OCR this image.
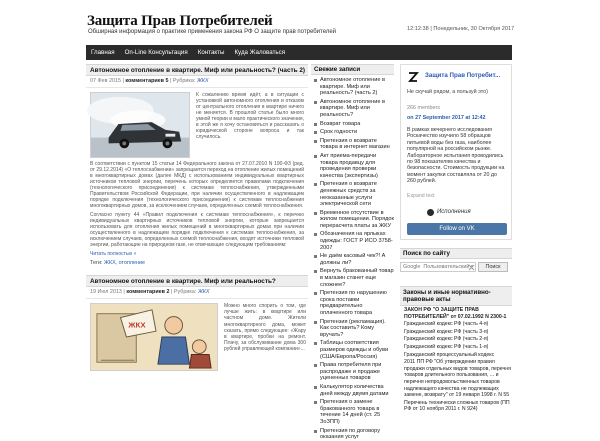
Защита Прав Потребителей
Обширная информация о практике применения закона РФ О защите прав потребителей	12:12:38 | Понедельник, 30 Октября 2017
Главная	On-Line Консультация	Контакты	Куда Жаловаться
Автономное отопление в квартире. Миф или реальность? (часть 2)
07 Фев 2015 | комментариев 5 | Рубрика: ЖКХ
К сожалению время идёт, а в ситуации с установкой автономного отопления и отказом от центрального отопления в квартире ничего не меняется. В прошлой статье было много умной теории и мало практического значения, в этой же я хочу остановиться и рассказать о юридической стороне вопроса и так случилось.
В соответствии с пунктом 15 статьи 14 Федерального закона от 27.07.2010 N 190-ФЗ (ред. от 29.12.2014) «О теплоснабжении» запрещается переход на отопление жилых помещений в многоквартирных домах (далее МКД) с использованием индивидуальных квартирных источников тепловой энергии, перечень которых определяется правилами подключения (технологического присоединения) к системам теплоснабжения, утвержденными Правительством Российской Федерации, при наличии осуществленного в надлежащем порядке подключения (технологического присоединения) к системам теплоснабжения многоквартирных домов, за исключением случаев, определенных схемой теплоснабжения.
Согласно пункту 44 «Правил подключения к системам теплоснабжения», к перечню индивидуальных квартирных источников тепловой энергии, которые запрещается использовать для отопления жилых помещений в многоквартирных домах при наличии осуществленного в надлежащем порядке подключения к системам теплоснабжения, за исключением случаев, определенных схемой теплоснабжения, входят источники тепловой энергии, работающие на природном газе, не отвечающие следующим требованиям:
Читать полностью »
Теги: ЖКХ, отопление
Автономное отопление в квартире. Миф или реальность?
19 Июл 2013 | комментариев 2 | Рубрика: ЖКХ
ЖКХ
Можно много спорить о том, где лучше жить: в квартире или частном доме. Жители многоквартирного дома, может сказать, прямо следующее: «Жару в квартире, пробки на ремонт. Плачу, за обслуживание дома 300 рублей управляющей компании»...
Свежие записи
Автономное отопление в квартире. Миф или реальность? (часть 2)
Автономное отопление в квартире. Миф или реальность?
Возврат товара
Срок годности
Претензия о возврате товара в интернет магазин
Акт приема-передачи товара продавцу для проведения проверки качества (экспертизы)
Претензия о возврате денежных средств за неоказанные услуги электрической сети
Временное отсутствие в жилом помещении. Порядок перерасчета платы за ЖКУ
Обозначения на ярлыках одежды: ГОСТ Р ИСО 3758-2007
Не даём касовый чек?! А должны ли?
Вернуть бракованный товар в магазин станет еще сложнее?
Претензия по нарушению срока поставки предварительно оплаченного товара
Претензия (рекламация). Как составить? Кому вручать?
Таблицы соответствия размеров одежды и обуви (США/Европа/Россия)
Права потребителя при распродаже и продаже уцененных товаров
Калькулятор количества дней между двумя датами
Претензия о замене бракованного товара в течение 14 дней (ст. 25 ЗоЗПП)
Претензия по договору оказания услуг
Защита Прав Потребит...
Не скучай рядом, а пользуй это)
266 members
on 27 September 2017 at 12:42
В рамках вечернего исследования Роскачество изучило 58 образцов питьевой воды без газа, наиболее популярной на российском рынке. Лабораторное испытания проводились по 98 показателям качества и безопасности. Стоимость продукции на момент закупки составляла от 20 до 260 рублей.
Expand text
Исполнения
Follow on VK
Поиск по сайту
Google Пользовательский поиск
Поиск
Законы и иные нормативно-правовые акты
ЗАКОН РФ "О ЗАЩИТЕ ПРАВ ПОТРЕБИТЕЛЕЙ" от 07.02.1992 N 2300-1
Гражданский кодекс РФ (часть 4-я)
Гражданский кодекс РФ (часть 3-я)
Гражданский кодекс РФ (часть 2-я)
Гражданский кодекс РФ (часть 1-я)
Гражданский процессуальный кодекс
2011 ПП РФ "Об утверждении правил продажи отдельных видов товаров, перечня товаров длительного пользования, ... и перечня непродовольственных товаров надлежащего качества не подлежащих замене, возврату" от 19 января 1998 г. N 55
Перечень технически сложных товаров (ПП РФ от 10 ноября 2011 г. N 924)
